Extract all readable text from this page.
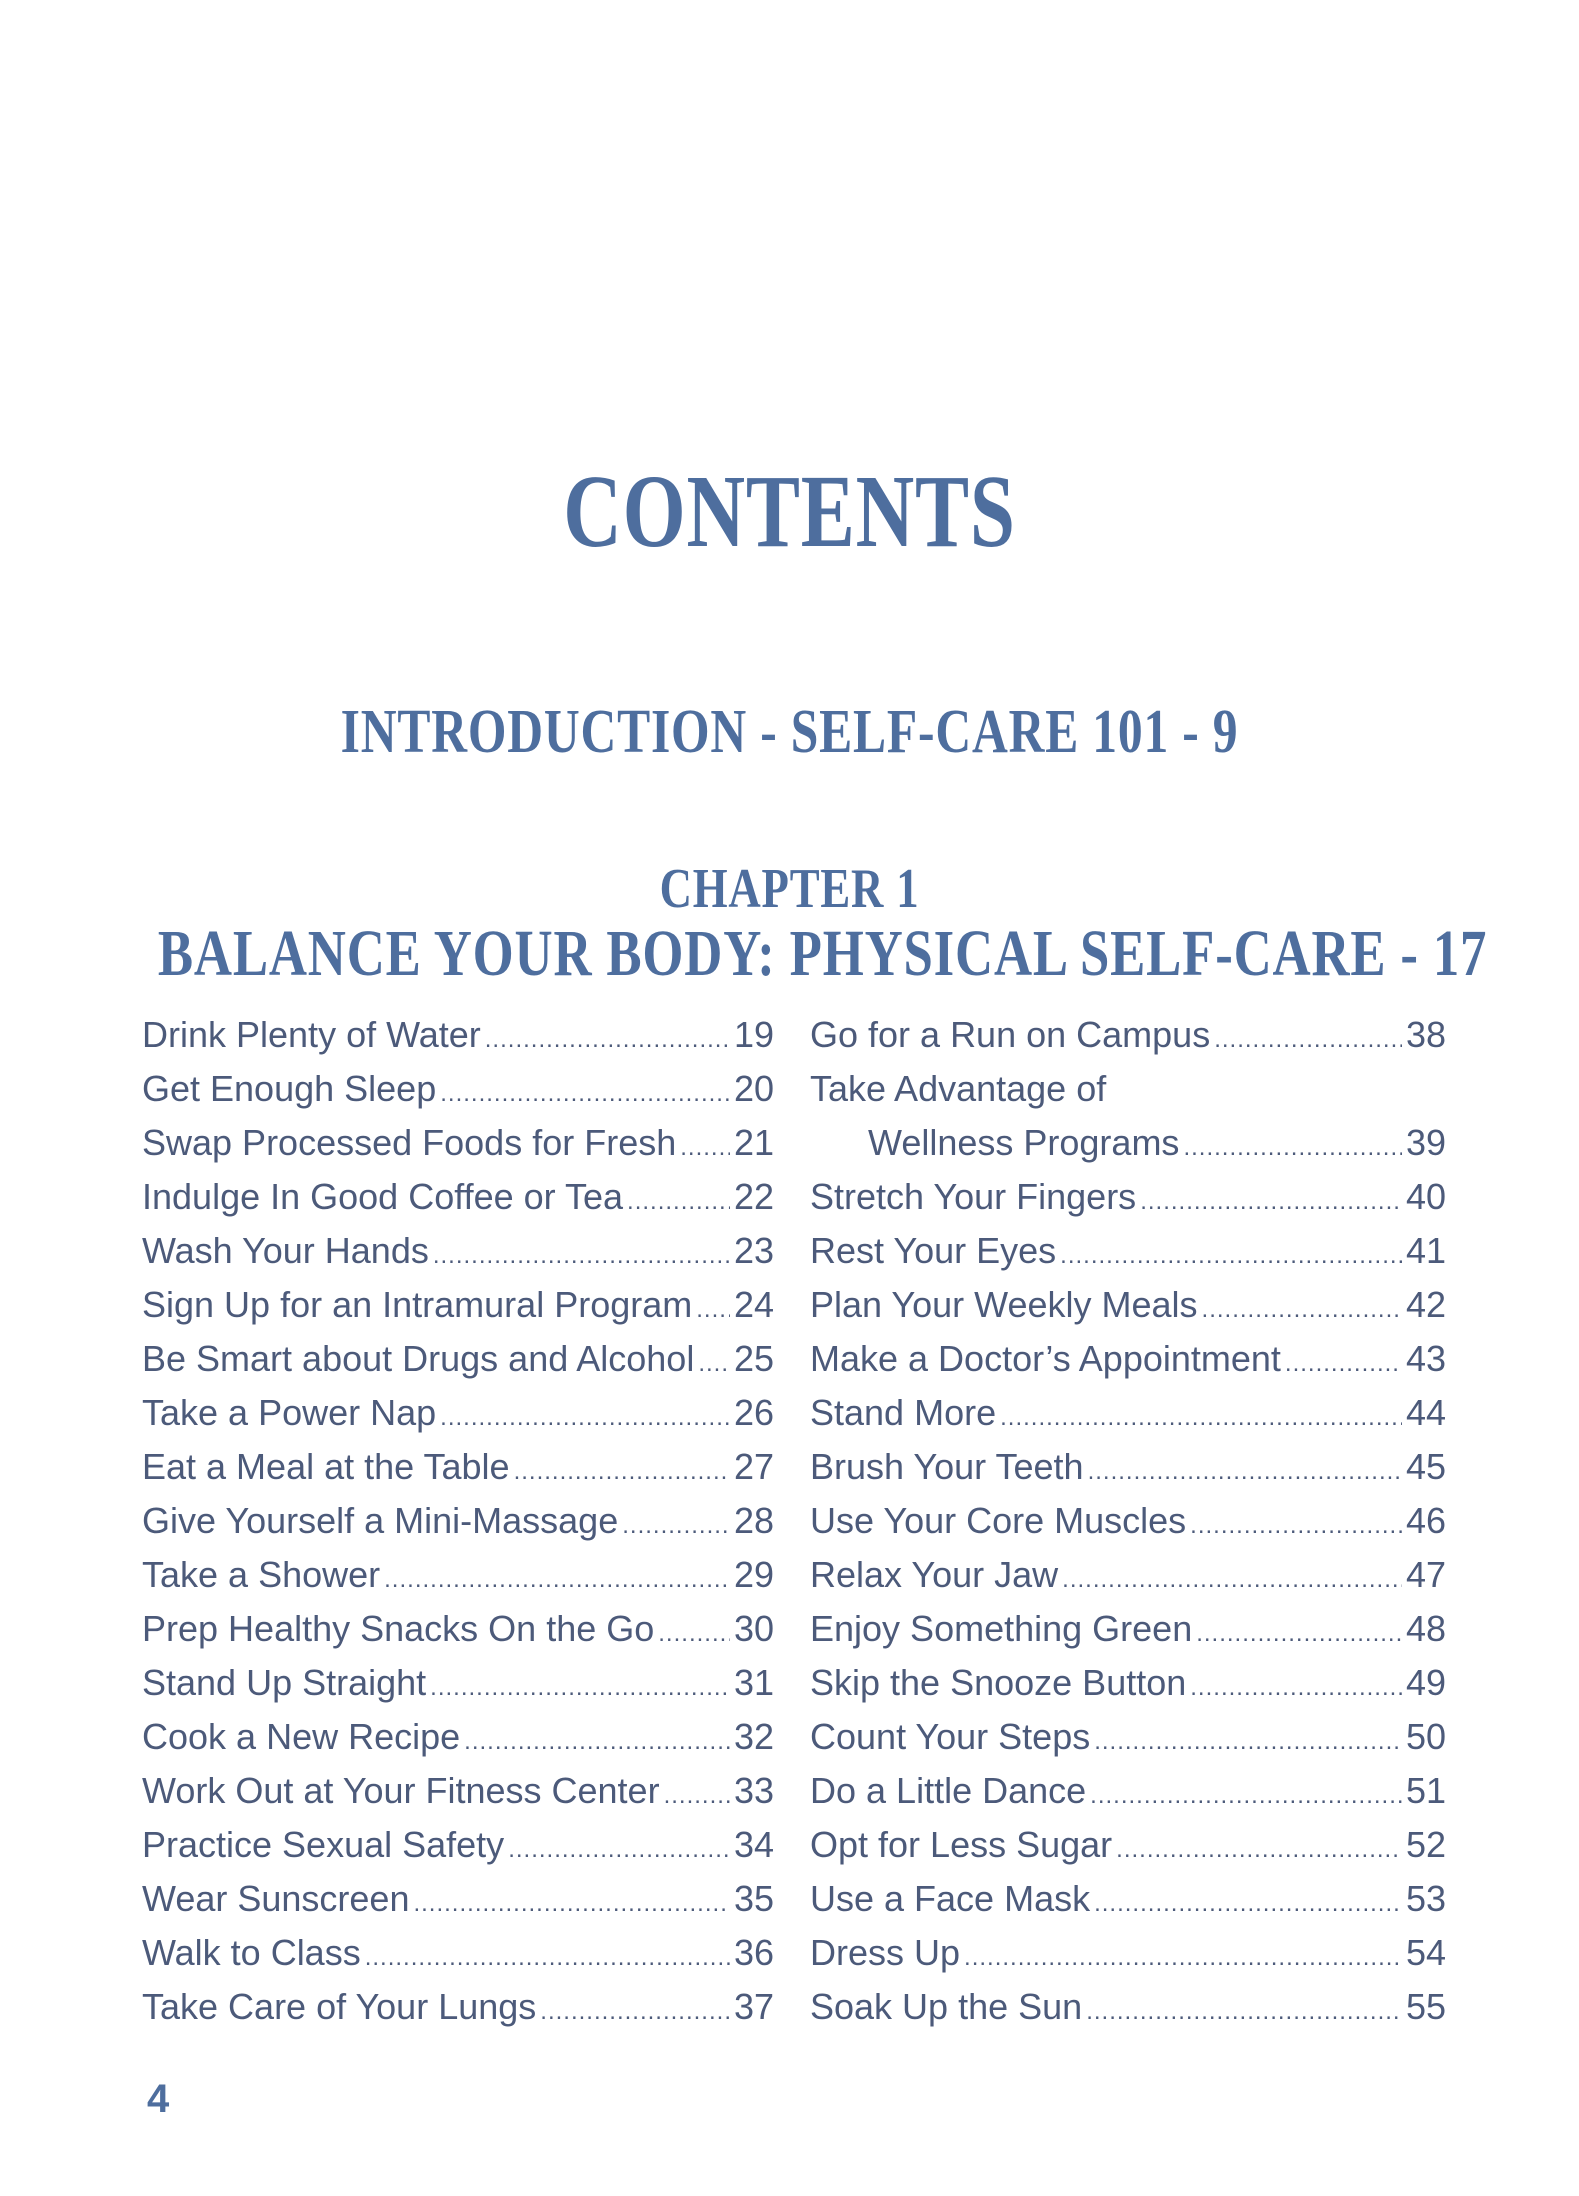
CONTENTS
INTRODUCTION - SELF-CARE 101 - 9
CHAPTER 1
BALANCE YOUR BODY: PHYSICAL SELF-CARE - 17
Drink Plenty of Water .....	19
Get Enough Sleep .....	20
Swap Processed Foods for Fresh ..... 21
Indulge In Good Coffee or Tea .....	22
Wash Your Hands .....	23
Sign Up for an Intramural Program ..... 24
Be Smart about Drugs and Alcohol ..... 25
Take a Power Nap .....	26
Eat a Meal at the Table .....	27
Give Yourself a Mini-Massage .....	28
Take a Shower .....	29
Prep Healthy Snacks On the Go ..... 30
Stand Up Straight .....	31
Cook a New Recipe .....	32
Work Out at Your Fitness Center ..... 33
Practice Sexual Safety .....	34
Wear Sunscreen .....	35
Walk to Class .....	36
Take Care of Your Lungs .....	37
Go for a Run on Campus .....	38
Take Advantage of
Wellness Programs .....	39
Stretch Your Fingers .....	40
Rest Your Eyes .....	41
Plan Your Weekly Meals .....	42
Make a Doctor’s Appointment .....	43
Stand More .....	44
Brush Your Teeth .....	45
Use Your Core Muscles .....	46
Relax Your Jaw .....	47
Enjoy Something Green .....	48
Skip the Snooze Button .....	49
Count Your Steps .....	50
Do a Little Dance .....	51
Opt for Less Sugar .....	52
Use a Face Mask .....	53
Dress Up .....	54
Soak Up the Sun .....	55
4
